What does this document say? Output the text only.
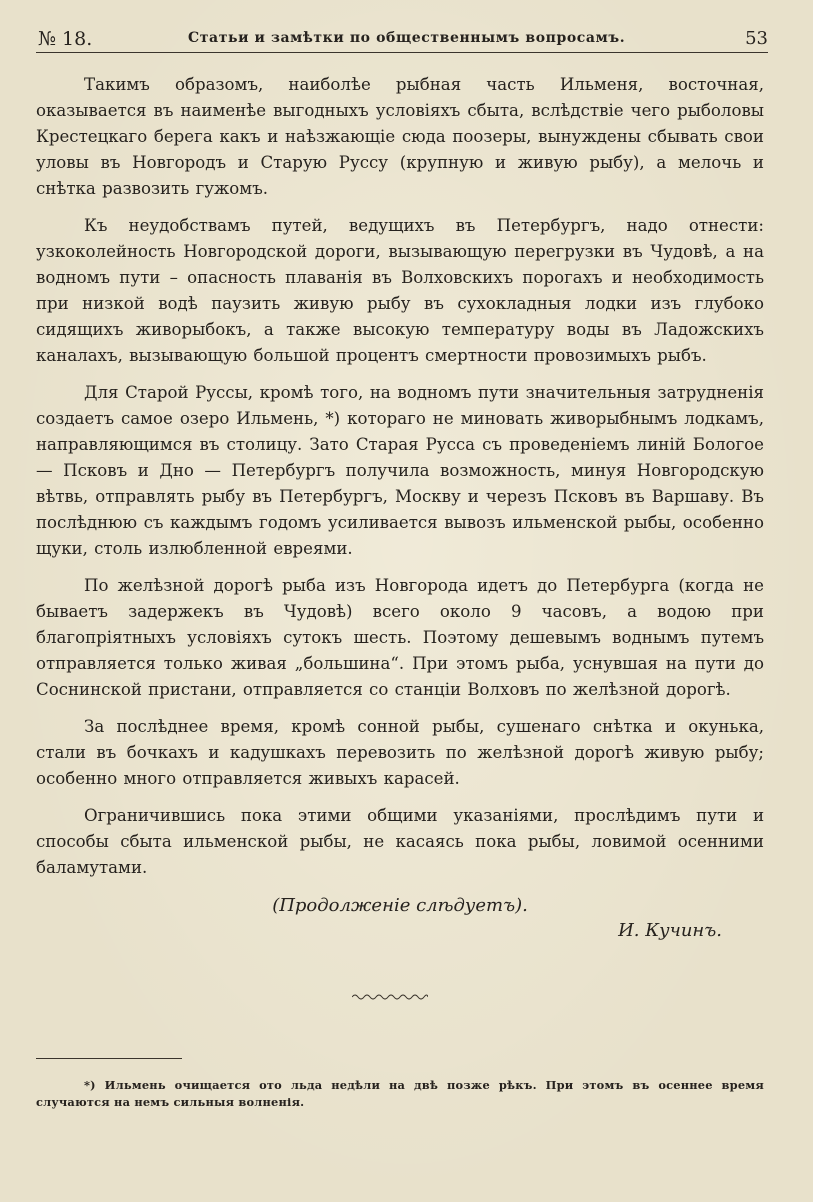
№ 18.	Статьи и замѣтки по общественнымъ вопросамъ.	53

Такимъ образомъ, наиболѣе рыбная часть Ильменя, восточная, оказывается въ наименѣе выгодныхъ условіяхъ сбыта, вслѣдствіе чего рыболовы Крестецкаго берега какъ и наѣзжающіе сюда поозеры, вынуждены сбывать свои уловы въ Новгородъ и Старую Руссу (крупную и живую рыбу), а мелочь и снѣтка развозить гужомъ.

Къ неудобствамъ путей, ведущихъ въ Петербургъ, надо отнести: узкоколейность Новгородской дороги, вызывающую перегрузки въ Чудовѣ, а на водномъ пути – опасность плаванія въ Волховскихъ порогахъ и необходимость при низкой водѣ паузить живую рыбу въ сухокладныя лодки изъ глубоко сидящихъ живорыбокъ, а также высокую температуру воды въ Ладожскихъ каналахъ, вызывающую большой процентъ смертности провозимыхъ рыбъ.

Для Старой Руссы, кромѣ того, на водномъ пути значительныя затрудненія создаетъ самое озеро Ильмень, *) котораго не миновать живорыбнымъ лодкамъ, направляющимся въ столицу. Зато Старая Русса съ проведеніемъ линій Бологое — Псковъ и Дно — Петербургъ получила возможность, минуя Новгородскую вѣтвь, отправлять рыбу въ Петербургъ, Москву и черезъ Псковъ въ Варшаву. Въ послѣднюю съ каждымъ годомъ усиливается вывозъ ильменской рыбы, особенно щуки, столь излюбленной евреями.

По желѣзной дорогѣ рыба изъ Новгорода идетъ до Петербурга (когда не бываетъ задержекъ въ Чудовѣ) всего около 9 часовъ, а водою при благопріятныхъ условіяхъ сутокъ шесть. Поэтому дешевымъ воднымъ путемъ отправляется только живая „большина“. При этомъ рыба, уснувшая на пути до Соснинской пристани, отправляется со станціи Волховъ по желѣзной дорогѣ.

За послѣднее время, кромѣ сонной рыбы, сушенаго снѣтка и окунька, стали въ бочкахъ и кадушкахъ перевозить по желѣзной дорогѣ живую рыбу; особенно много отправляется живыхъ карасей.

Ограничившись пока этими общими указаніями, прослѣдимъ пути и способы сбыта ильменской рыбы, не касаясь пока рыбы, ловимой осенними баламутами.

(Продолженіе слѣдуетъ).

И. Кучинъ.

*) Ильмень очищается ото льда недѣли на двѣ позже рѣкъ. При этомъ въ осеннее время случаются на немъ сильныя волненія.
